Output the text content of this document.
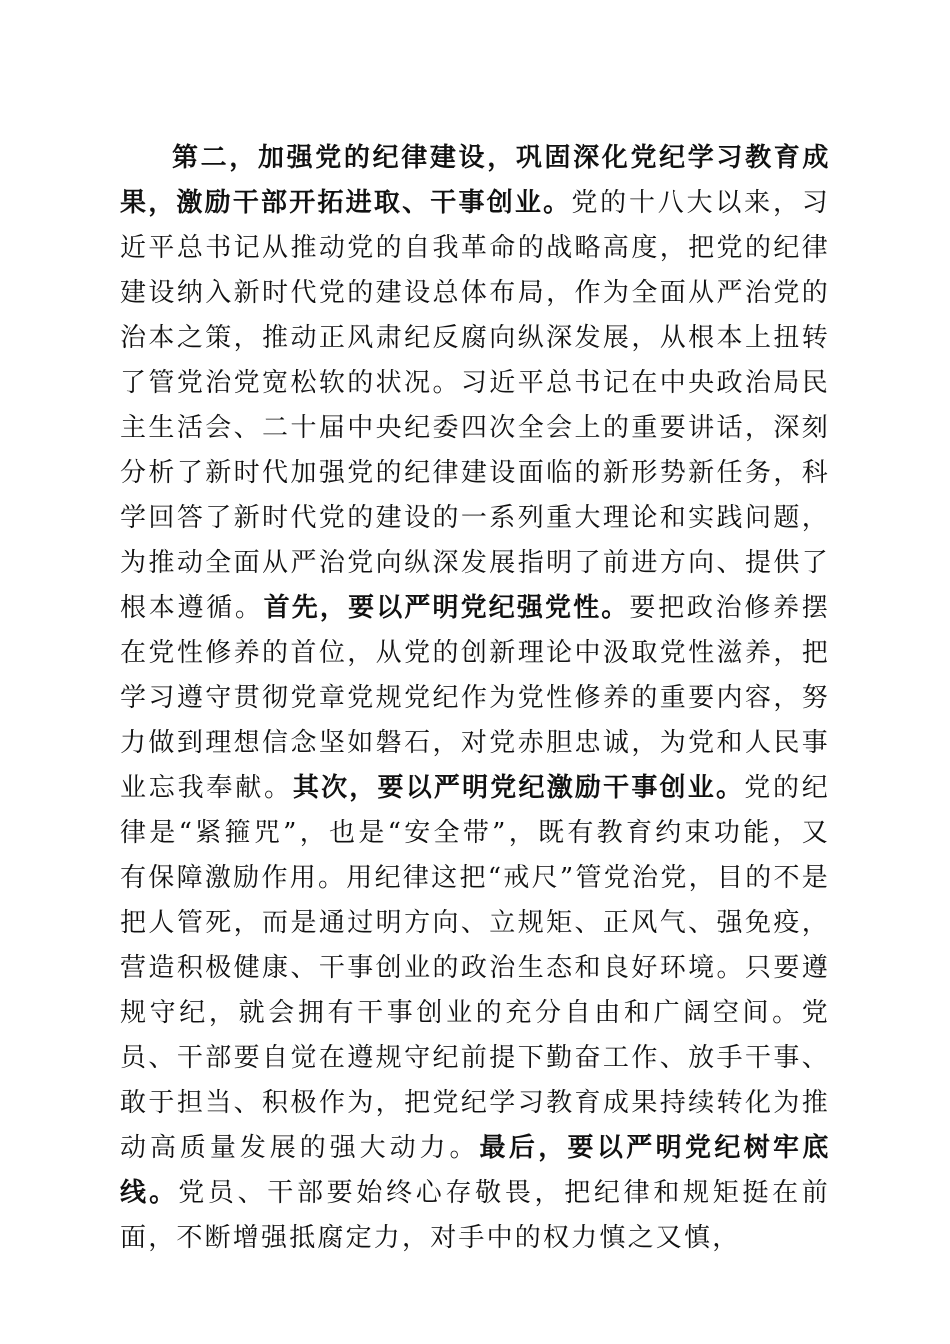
第二，加强党的纪律建设，巩固深化党纪学习教育成果，激励干部开拓进取、干事创业。党的十八大以来，习近平总书记从推动党的自我革命的战略高度，把党的纪律建设纳入新时代党的建设总体布局，作为全面从严治党的治本之策，推动正风肃纪反腐向纵深发展，从根本上扭转了管党治党宽松软的状况。习近平总书记在中央政治局民主生活会、二十届中央纪委四次全会上的重要讲话，深刻分析了新时代加强党的纪律建设面临的新形势新任务，科学回答了新时代党的建设的一系列重大理论和实践问题，为推动全面从严治党向纵深发展指明了前进方向、提供了根本遵循。首先，要以严明党纪强党性。要把政治修养摆在党性修养的首位，从党的创新理论中汲取党性滋养，把学习遵守贯彻党章党规党纪作为党性修养的重要内容，努力做到理想信念坚如磐石，对党赤胆忠诚，为党和人民事业忘我奉献。其次，要以严明党纪激励干事创业。党的纪律是“紧箍咒”，也是“安全带”，既有教育约束功能，又有保障激励作用。用纪律这把“戒尺”管党治党，目的不是把人管死，而是通过明方向、立规矩、正风气、强免疫，营造积极健康、干事创业的政治生态和良好环境。只要遵规守纪，就会拥有干事创业的充分自由和广阔空间。党员、干部要自觉在遵规守纪前提下勤奋工作、放手干事、敢于担当、积极作为，把党纪学习教育成果持续转化为推动高质量发展的强大动力。最后，要以严明党纪树牢底线。党员、干部要始终心存敬畏，把纪律和规矩挺在前面，不断增强抵腐定力，对手中的权力慎之又慎，
